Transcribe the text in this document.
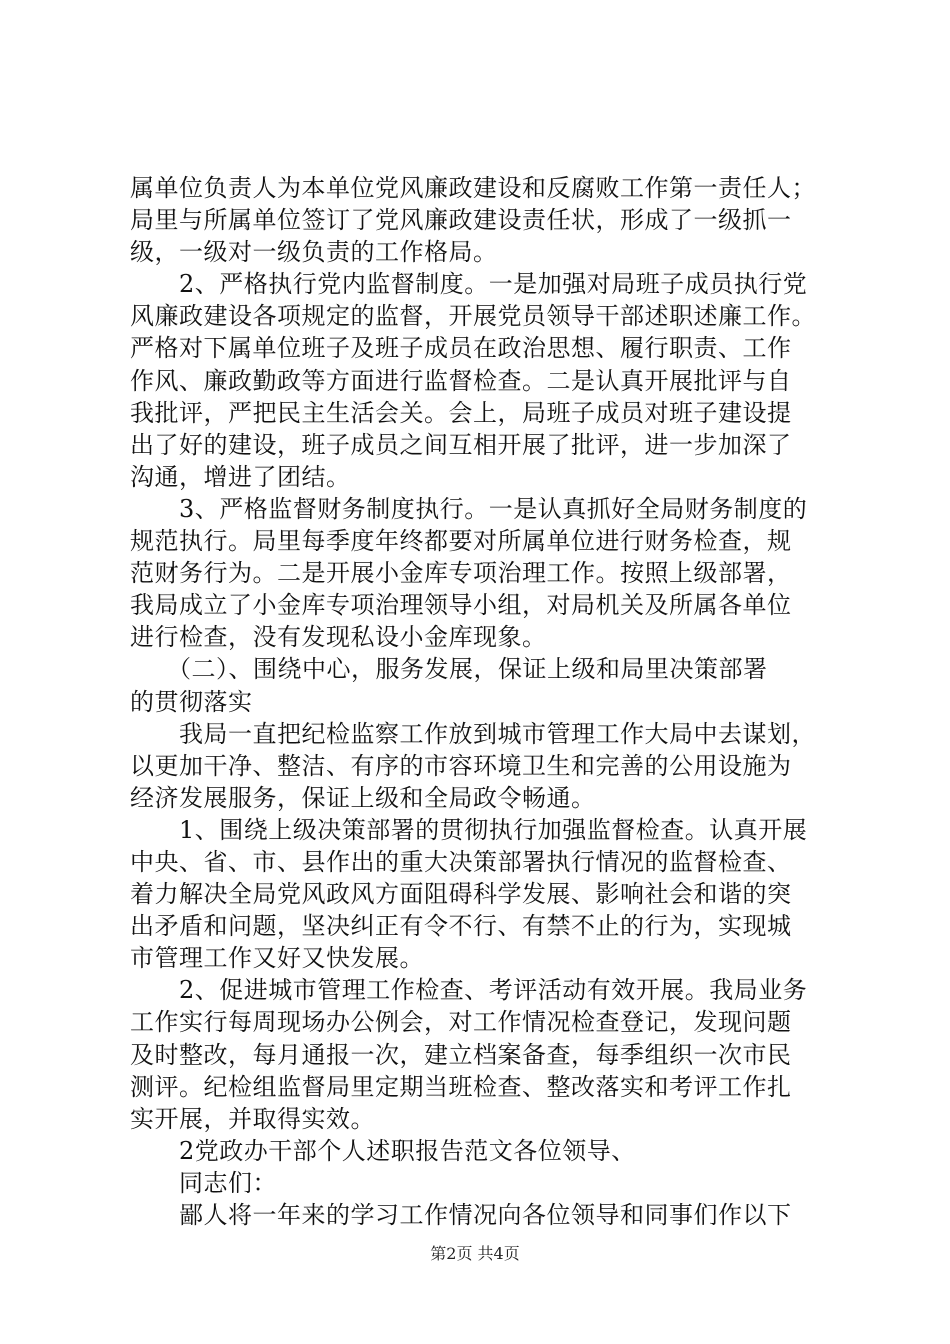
属单位负责人为本单位党风廉政建设和反腐败工作第一责任人；
局里与所属单位签订了党风廉政建设责任状，形成了一级抓一
级，一级对一级负责的工作格局。
　　2、严格执行党内监督制度。一是加强对局班子成员执行党
风廉政建设各项规定的监督，开展党员领导干部述职述廉工作。
严格对下属单位班子及班子成员在政治思想、履行职责、工作
作风、廉政勤政等方面进行监督检查。二是认真开展批评与自
我批评，严把民主生活会关。会上，局班子成员对班子建设提
出了好的建设，班子成员之间互相开展了批评，进一步加深了
沟通，增进了团结。
　　3、严格监督财务制度执行。一是认真抓好全局财务制度的
规范执行。局里每季度年终都要对所属单位进行财务检查，规
范财务行为。二是开展小金库专项治理工作。按照上级部署，
我局成立了小金库专项治理领导小组，对局机关及所属各单位
进行检查，没有发现私设小金库现象。
　　（二）、围绕中心，服务发展，保证上级和局里决策部署
的贯彻落实
　　我局一直把纪检监察工作放到城市管理工作大局中去谋划，
以更加干净、整洁、有序的市容环境卫生和完善的公用设施为
经济发展服务，保证上级和全局政令畅通。
　　1、围绕上级决策部署的贯彻执行加强监督检查。认真开展
中央、省、市、县作出的重大决策部署执行情况的监督检查、
着力解决全局党风政风方面阻碍科学发展、影响社会和谐的突
出矛盾和问题，坚决纠正有令不行、有禁不止的行为，实现城
市管理工作又好又快发展。
　　2、促进城市管理工作检查、考评活动有效开展。我局业务
工作实行每周现场办公例会，对工作情况检查登记，发现问题
及时整改，每月通报一次，建立档案备查，每季组织一次市民
测评。纪检组监督局里定期当班检查、整改落实和考评工作扎
实开展，并取得实效。
　　2党政办干部个人述职报告范文各位领导、
　　同志们：
　　鄙人将一年来的学习工作情况向各位领导和同事们作以下
第2页 共4页
